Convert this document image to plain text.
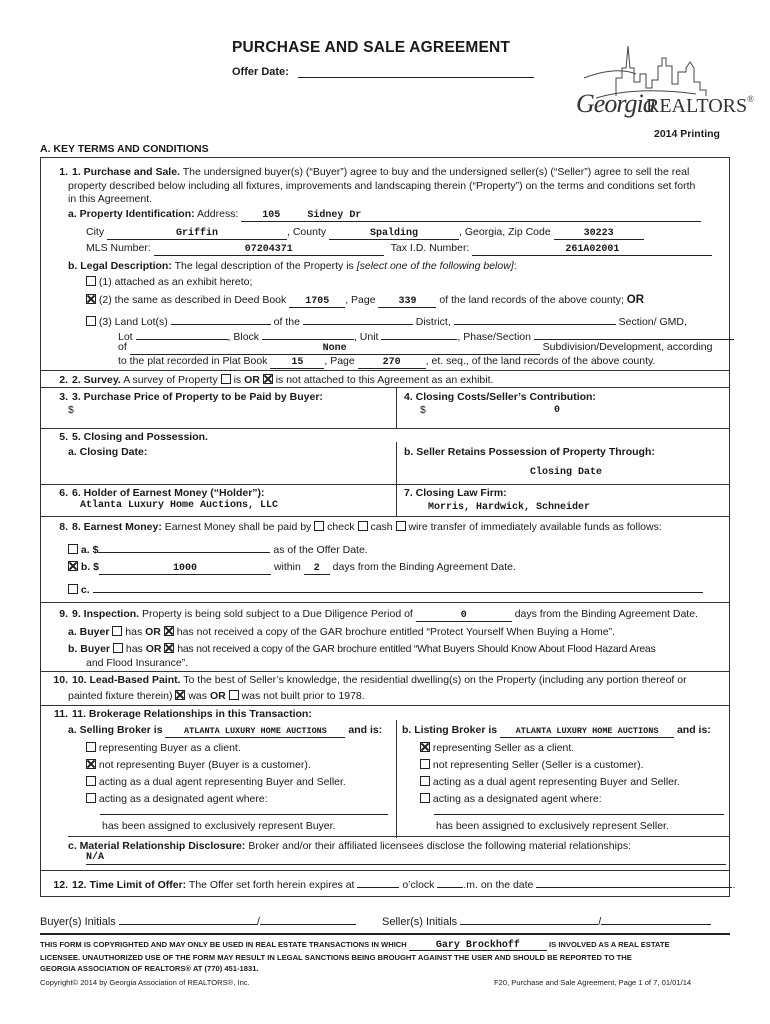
PURCHASE AND SALE AGREEMENT
Offer Date:
Georgia
REALTORS®
2014 Printing
A. KEY TERMS AND CONDITIONS
1. 1. Purchase and Sale. The undersigned buyer(s) (“Buyer”) agree to buy and the undersigned seller(s) (“Seller”) agree to sell the real
property described below including all fixtures, improvements and landscaping therein (“Property”) on the terms and conditions set forth
in this Agreement.
a. Property Identification: Address: 105	Sidney Dr
City	Griffin	, County	Spalding	, Georgia, Zip Code	30223
MLS Number:	07204371	Tax I.D. Number:	261A02001
b. Legal Description: The legal description of the Property is [select one of the following below]:
(1) attached as an exhibit hereto;
(2) the same as described in Deed Book 1705 , Page 339 of the land records of the above county; OR
(3) Land Lot(s)	of the	District,	Section/ GMD,
Lot	, Block	, Unit	, Phase/Section
of	None	Subdivision/Development, according
to the plat recorded in Plat Book 15 , Page	270 , et. seq., of the land records of the above county.
2. 2. Survey. A survey of Property is OR is not attached to this Agreement as an exhibit.
3. 3. Purchase Price of Property to be Paid by Buyer:
$
4. Closing Costs/Seller’s Contribution:
$	0
5. 5. Closing and Possession.
a. Closing Date:	b. Seller Retains Possession of Property Through:
Closing Date
6. 6. Holder of Earnest Money (“Holder”):
Atlanta Luxury Home Auctions, LLC
7. Closing Law Firm:
Morris, Hardwick, Schneider
8. 8. Earnest Money: Earnest Money shall be paid by check cash wire transfer of immediately available funds as follows:
a. $	as of the Offer Date.
b. $	1000	within 2 days from the Binding Agreement Date.
c.
9. 9. Inspection. Property is being sold subject to a Due Diligence Period of	0	days from the Binding Agreement Date.
a. Buyer has OR has not received a copy of the GAR brochure entitled “Protect Yourself When Buying a Home”.
b. Buyer has OR has not received a copy of the GAR brochure entitled “What Buyers Should Know About Flood Hazard Areas
and Flood Insurance”.
10. 10. Lead-Based Paint. To the best of Seller’s knowledge, the residential dwelling(s) on the Property (including any portion thereof or
painted fixture therein) was OR was not built prior to 1978.
11. 11. Brokerage Relationships in this Transaction:
a. Selling Broker is	ATLANTA LUXURY HOME AUCTIONS and is: b. Listing Broker is ATLANTA LUXURY HOME AUCTIONS and is:
representing Buyer as a client.
not representing Buyer (Buyer is a customer).
acting as a dual agent representing Buyer and Seller.
acting as a designated agent where:
has been assigned to exclusively represent Buyer.
representing Seller as a client.
not representing Seller (Seller is a customer).
acting as a dual agent representing Buyer and Seller.
acting as a designated agent where:
has been assigned to exclusively represent Seller.
c. Material Relationship Disclosure: Broker and/or their affiliated licensees disclose the following material relationships:
N/A
12. 12. Time Limit of Offer: The Offer set forth herein expires at	o’clock	.m. on the date	.
Buyer(s) Initials	/	Seller(s) Initials	/
THIS FORM IS COPYRIGHTED AND MAY ONLY BE USED IN REAL ESTATE TRANSACTIONS IN WHICH	Gary Brockhoff	IS INVOLVED AS A REAL ESTATE
LICENSEE. UNAUTHORIZED USE OF THE FORM MAY RESULT IN LEGAL SANCTIONS BEING BROUGHT AGAINST THE USER AND SHOULD BE REPORTED TO THE
GEORGIA ASSOCIATION OF REALTORS® AT (770) 451-1831.
Copyright© 2014 by Georgia Association of REALTORS®, Inc.	F20, Purchase and Sale Agreement, Page 1 of 7, 01/01/14
